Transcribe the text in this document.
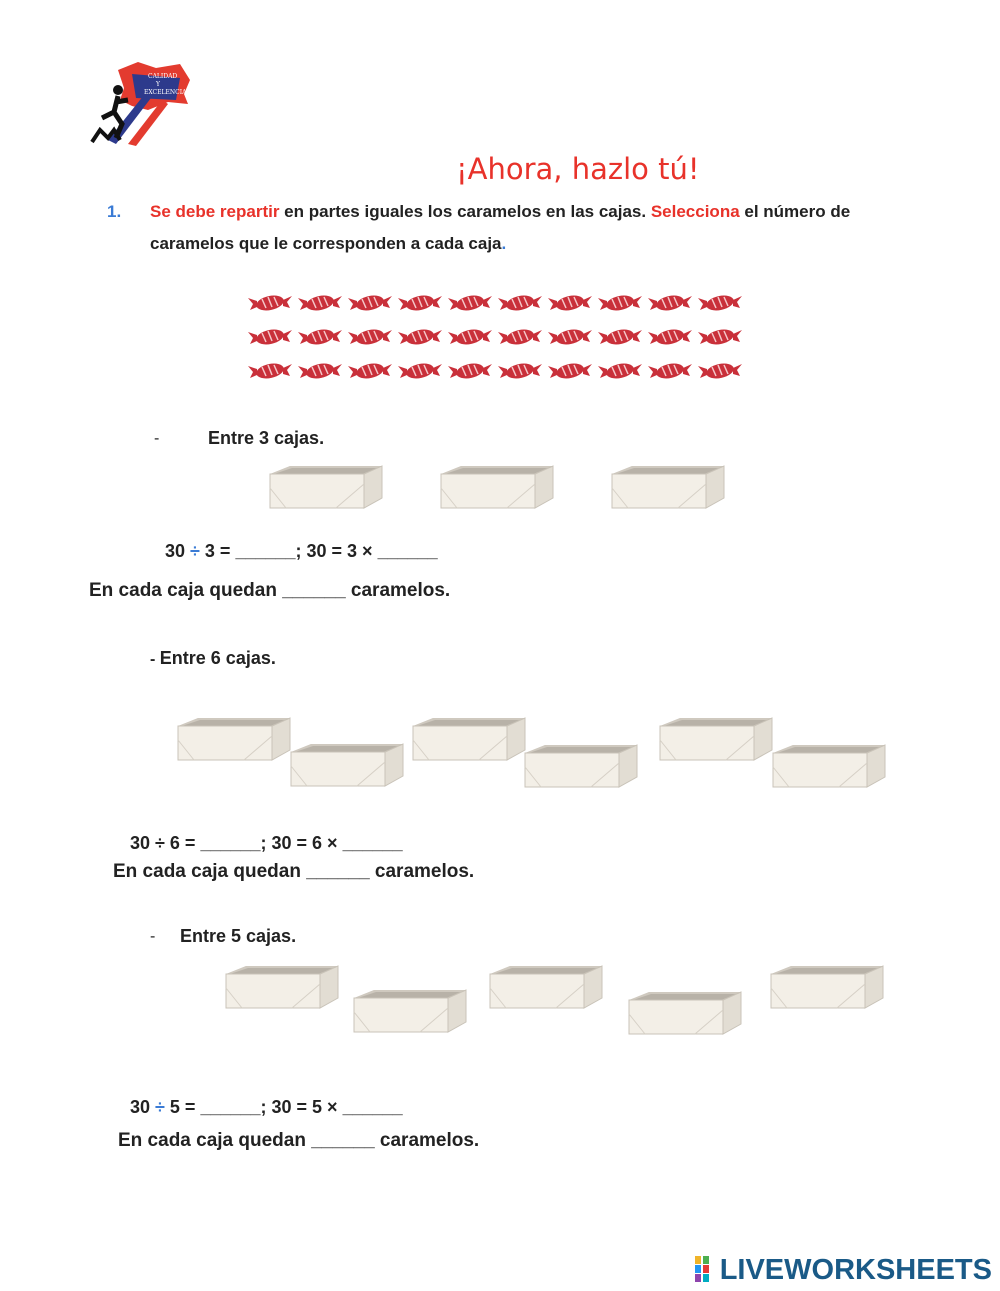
CALIDAD
Y
EXCELENCIA
¡Ahora, hazlo tú!
1. Se debe repartir en partes iguales los caramelos en las cajas. Selecciona el número de caramelos que le corresponden a cada caja.
-	Entre 3 cajas.
30 ÷ 3 = ______; 30 = 3 × ______
En cada caja quedan ______ caramelos.
- Entre 6 cajas.
30 ÷ 6 = ______; 30 = 6 × ______
En cada caja quedan ______ caramelos.
- Entre 5 cajas.
30 ÷ 5 = ______; 30 = 5 × ______
En cada caja quedan ______ caramelos.
LIVEWORKSHEETS
